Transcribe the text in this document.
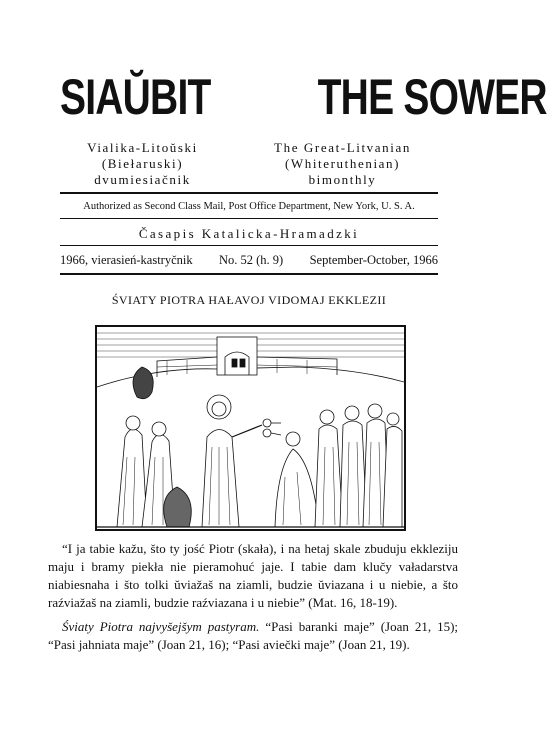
SIAŬBIT THE SOWER
Vialika-Litoŭski
(Biełaruski)
dvumiesiačnik
The Great-Litvanian
(Whiteruthenian)
bimonthly
Authorized as Second Class Mail, Post Office Department, New York, U. S. A.
Časapis Katalicka-Hramadzki
1966, vierasień-kastryčnik No. 52 (h. 9) September-October, 1966
ŚVIATY PIOTRA HAŁAVOJ VIDOMAJ EKKLEZII

“I ja tabie kažu, što ty jość Piotr (skała), i na hetaj skale zbuduju ekkleziju maju i bramy piekła nie pieramohuć jaje. I tabie dam klučy vaładarstva niabiesnaha i što tolki ŭviažaš na ziamli, budzie ŭviazana i u niebie, a što raźviažaš na ziamli, budzie raźviazana i u niebie” (Mat. 16, 18-19).

Śviaty Piotra najvyšejšym pastyram. “Pasi baranki maje” (Joan 21, 15); “Pasi jahniata maje” (Joan 21, 16); “Pasi aviečki maje” (Joan 21, 19).
